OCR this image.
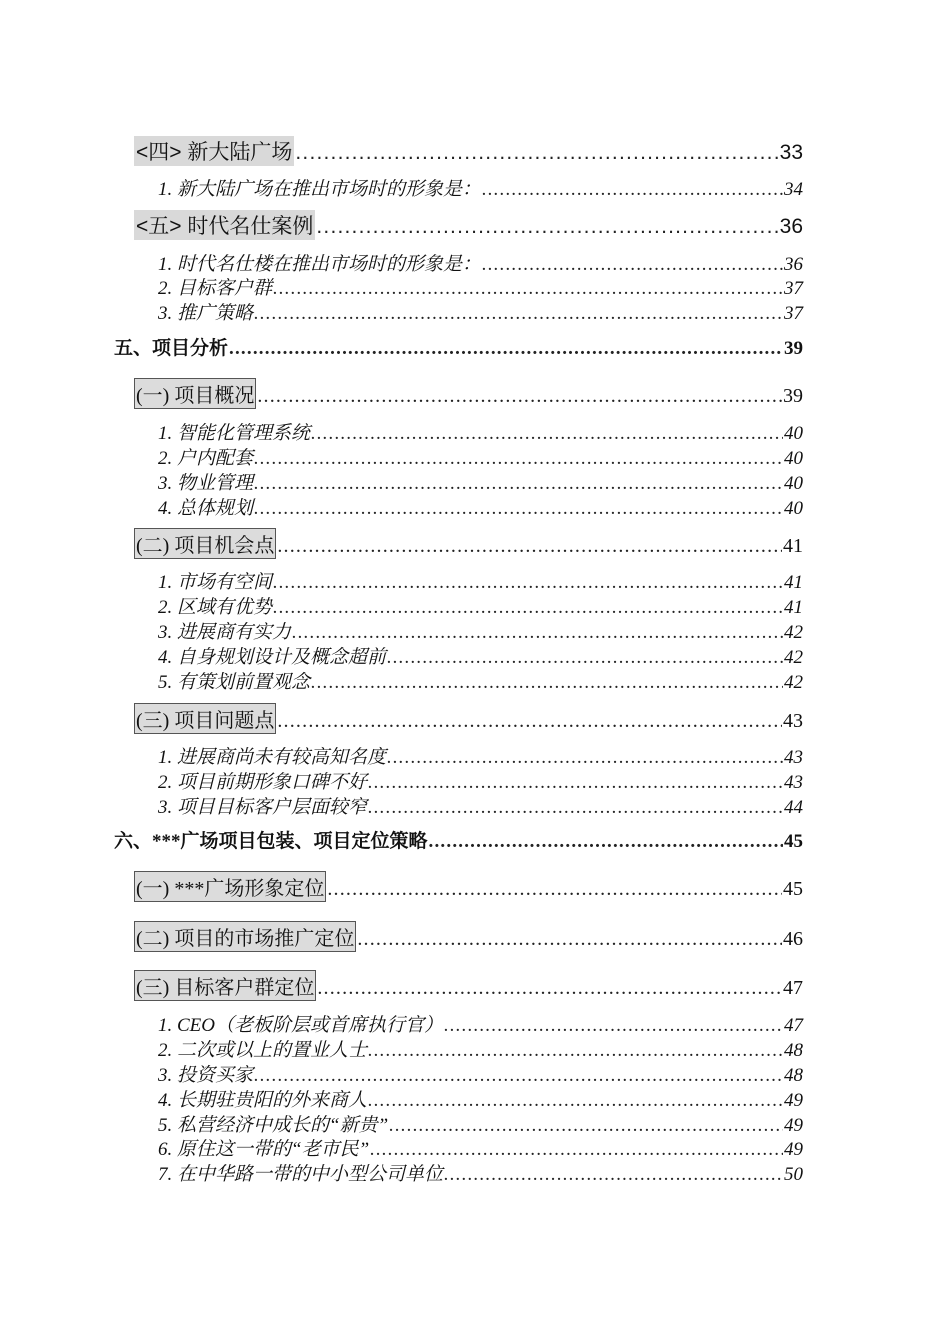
<四> 新大陆广场 .....	33
1. 新大陆广场在推出市场时的形象是： .....	34
<五> 时代名仕案例 .....	36
1. 时代名仕楼在推出市场时的形象是： .....	36
2. 目标客户群 .....	37
3. 推广策略 .....	37
五、项目分析 .....	39
(一) 项目概况 .....	39
1. 智能化管理系统 .....	40
2. 户内配套 .....	40
3. 物业管理 .....	40
4. 总体规划 .....	40
(二) 项目机会点 .....	41
1. 市场有空间 .....	41
2. 区域有优势 .....	41
3. 进展商有实力 .....	42
4. 自身规划设计及概念超前 .....	42
5. 有策划前置观念 .....	42
(三) 项目问题点 .....	43
1. 进展商尚未有较高知名度 .....	43
2. 项目前期形象口碑不好 .....	43
3. 项目目标客户层面较窄 .....	44
六、***广场项目包装、项目定位策略 .....	45
(一) ***广场形象定位 .....	45
(二) 项目的市场推广定位 .....	46
(三) 目标客户群定位 .....	47
1. CEO（老板阶层或首席执行官） .....	47
2. 二次或以上的置业人士 .....	48
3. 投资买家 .....	48
4. 长期驻贵阳的外来商人 .....	49
5. 私营经济中成长的“新贵” .....	49
6. 原住这一带的“老市民” .....	49
7. 在中华路一带的中小型公司单位 .....	50
